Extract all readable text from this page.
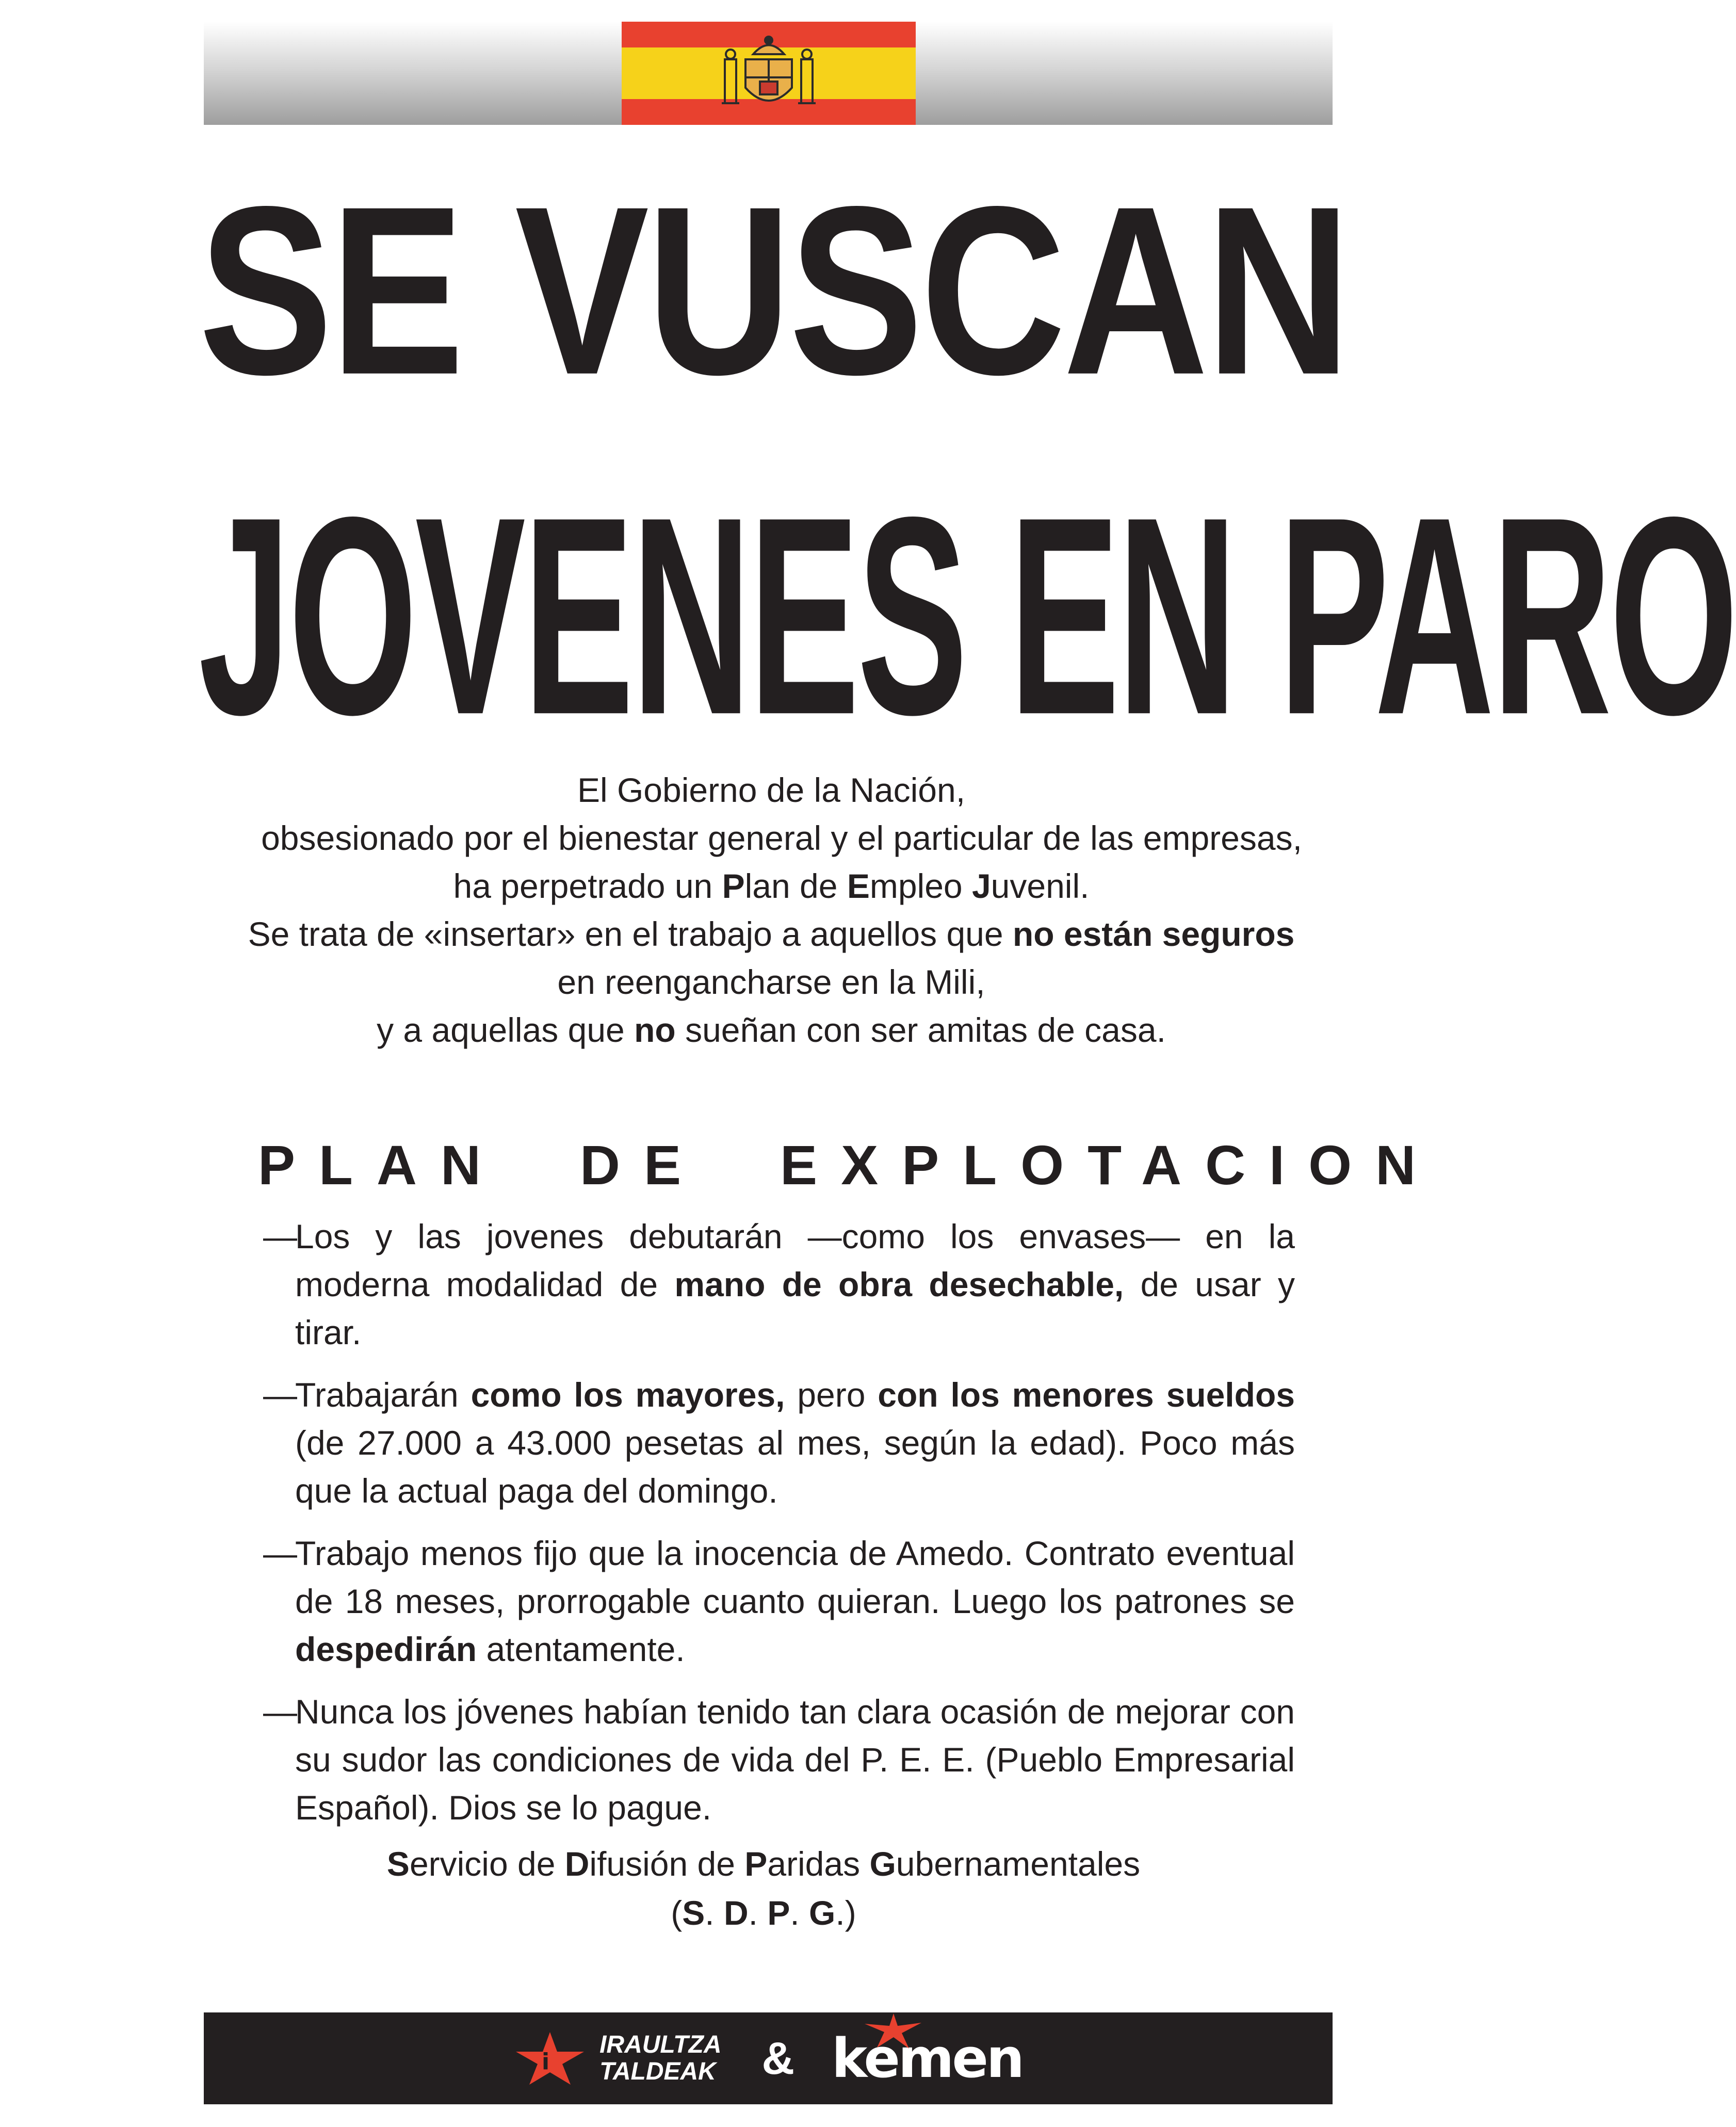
SE VUSCAN
JOVENES EN PARO

El Gobierno de la Nación,

obsesionado por el bienestar general y el particular de las empresas,

ha perpetrado un Plan de Empleo Juvenil.

Se trata de «insertar» en el trabajo a aquellos que no están seguros

en reengancharse en la Mili,

y a aquellas que no sueñan con ser amitas de casa.

PLAN DE EXPLOTACION
—

Los y las jovenes debutarán —como los envases— en la moderna modalidad de mano de obra desechable, de usar y tirar.

—

Trabajarán como los mayores, pero con los menores sueldos (de 27.000 a 43.000 pesetas al mes, según la edad). Poco más que la actual paga del domingo.

—

Trabajo menos fijo que la inocencia de Amedo. Contrato eventual de 18 meses, prorrogable cuanto quieran. Luego los patrones se despedirán atentamente.

—

Nunca los jóvenes habían tenido tan clara ocasión de mejorar con su sudor las condiciones de vida del P. E. E. (Pueblo Empresarial Español). Dios se lo pague.

Servicio de Difusión de Paridas Gubernamentales

(S. D. P. G.)

i
IRAULTZA
TALDEAK & kemen
